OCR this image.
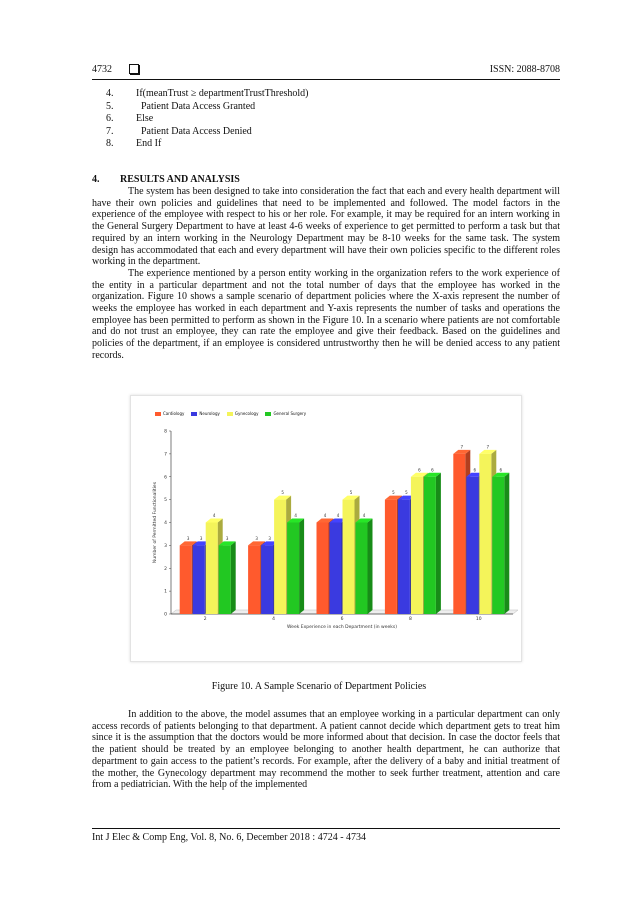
4732	ISSN: 2088-8708
4.	If(meanTrust ≥ departmentTrustThreshold)
5.	Patient Data Access Granted
6.	Else
7.	Patient Data Access Denied
8.	End If
4. RESULTS AND ANALYSIS

The system has been designed to take into consideration the fact that each and every health department will have their own policies and guidelines that need to be implemented and followed. The model factors in the experience of the employee with respect to his or her role. For example, it may be required for an intern working in the General Surgery Department to have at least 4-6 weeks of experience to get permitted to perform a task but that required by an intern working in the Neurology Department may be 8-10 weeks for the same task. The system design has accommodated that each and every department will have their own policies specific to the different roles working in the department.

The experience mentioned by a person entity working in the organization refers to the work experience of the entity in a particular department and not the total number of days that the employee has worked in the organization. Figure 10 shows a sample scenario of department policies where the X-axis represent the number of weeks the employee has worked in each department and Y-axis represents the number of tasks and operations the employee has been permitted to perform as shown in the Figure 10. In a scenario where patients are not comfortable and do not trust an employee, they can rate the employee and give their feedback. Based on the guidelines and policies of the department, if an employee is considered untrustworthy then he will be denied access to any patient records.

0
1
2
3
4
5
6
7
8
Number of Permitted Functionalities
Week Experience in each Department (in weeks)
2
3	3
4
3
4
3	3
5
4
6
4	4
5
4
8
5	5
6	6
10
7
6
7
6
Cardiology	Neurology	Gynecology	General Surgery
Figure 10. A Sample Scenario of Department Policies
In addition to the above, the model assumes that an employee working in a particular department can only access records of patients belonging to that department. A patient cannot decide which department gets to treat him since it is the assumption that the doctors would be more informed about that decision. In case the doctor feels that the patient should be treated by an employee belonging to another health department, he can authorize that department to gain access to the patient’s records. For example, after the delivery of a baby and initial treatment of the mother, the Gynecology department may recommend the mother to seek further treatment, attention and care from a pediatrician. With the help of the implemented
Int J Elec & Comp Eng, Vol. 8, No. 6, December 2018 : 4724 - 4734
